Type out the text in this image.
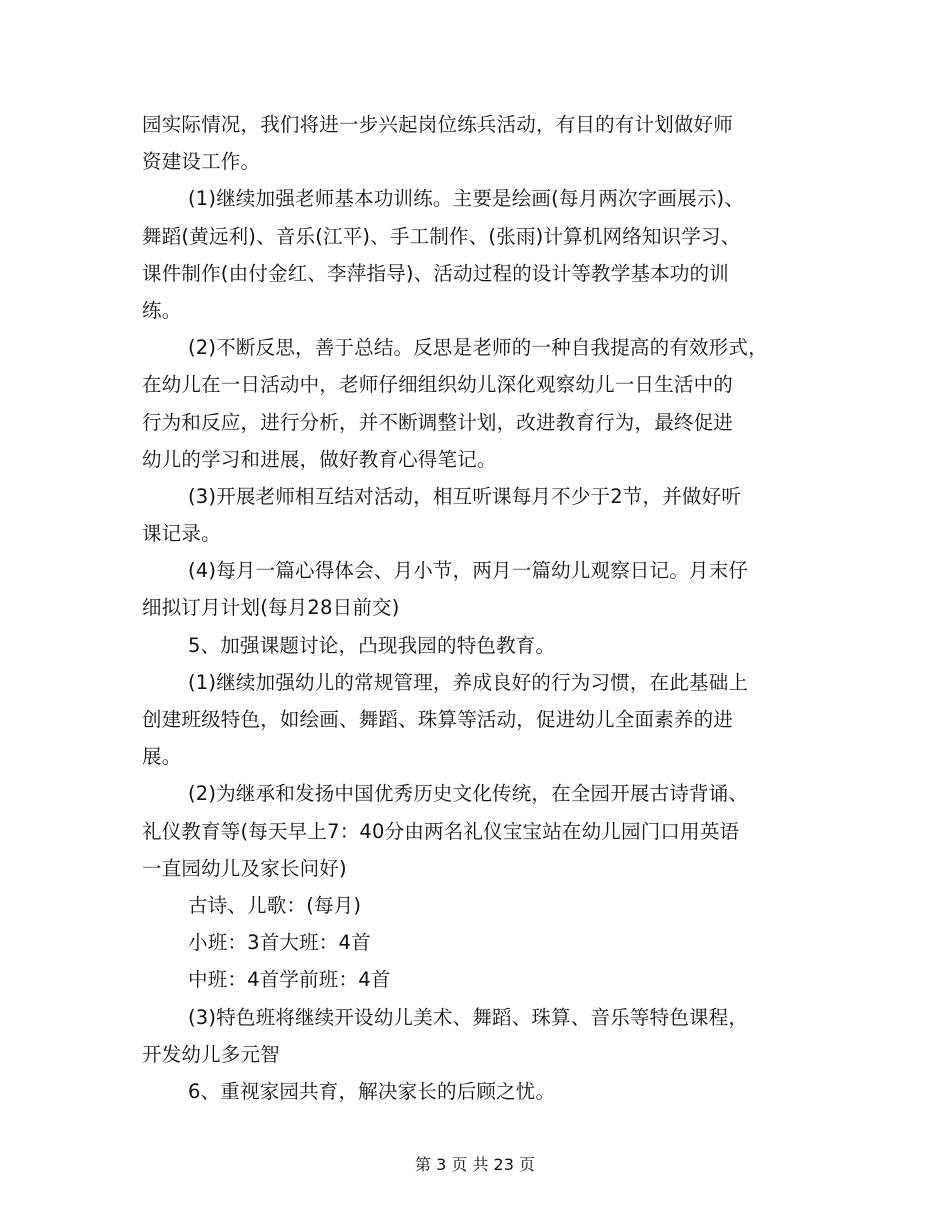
园实际情况，我们将进一步兴起岗位练兵活动，有目的有计划做好师
资建设工作。
(1)继续加强老师基本功训练。主要是绘画(每月两次字画展示)、
舞蹈(黄远利)、音乐(江平)、手工制作、(张雨)计算机网络知识学习、
课件制作(由付金红、李萍指导)、活动过程的设计等教学基本功的训
练。
(2)不断反思，善于总结。反思是老师的一种自我提高的有效形式，
在幼儿在一日活动中，老师仔细组织幼儿深化观察幼儿一日生活中的
行为和反应，进行分析，并不断调整计划，改进教育行为，最终促进
幼儿的学习和进展，做好教育心得笔记。
(3)开展老师相互结对活动，相互听课每月不少于2节，并做好听
课记录。
(4)每月一篇心得体会、月小节，两月一篇幼儿观察日记。月末仔
细拟订月计划(每月28日前交)
5、加强课题讨论，凸现我园的特色教育。
(1)继续加强幼儿的常规管理，养成良好的行为习惯，在此基础上
创建班级特色，如绘画、舞蹈、珠算等活动，促进幼儿全面素养的进
展。
(2)为继承和发扬中国优秀历史文化传统，在全园开展古诗背诵、
礼仪教育等(每天早上7：40分由两名礼仪宝宝站在幼儿园门口用英语
一直园幼儿及家长问好)
古诗、儿歌：(每月)
小班：3首大班：4首
中班：4首学前班：4首
(3)特色班将继续开设幼儿美术、舞蹈、珠算、音乐等特色课程，
开发幼儿多元智
6、重视家园共育，解决家长的后顾之忧。
第 3 页 共 23 页
